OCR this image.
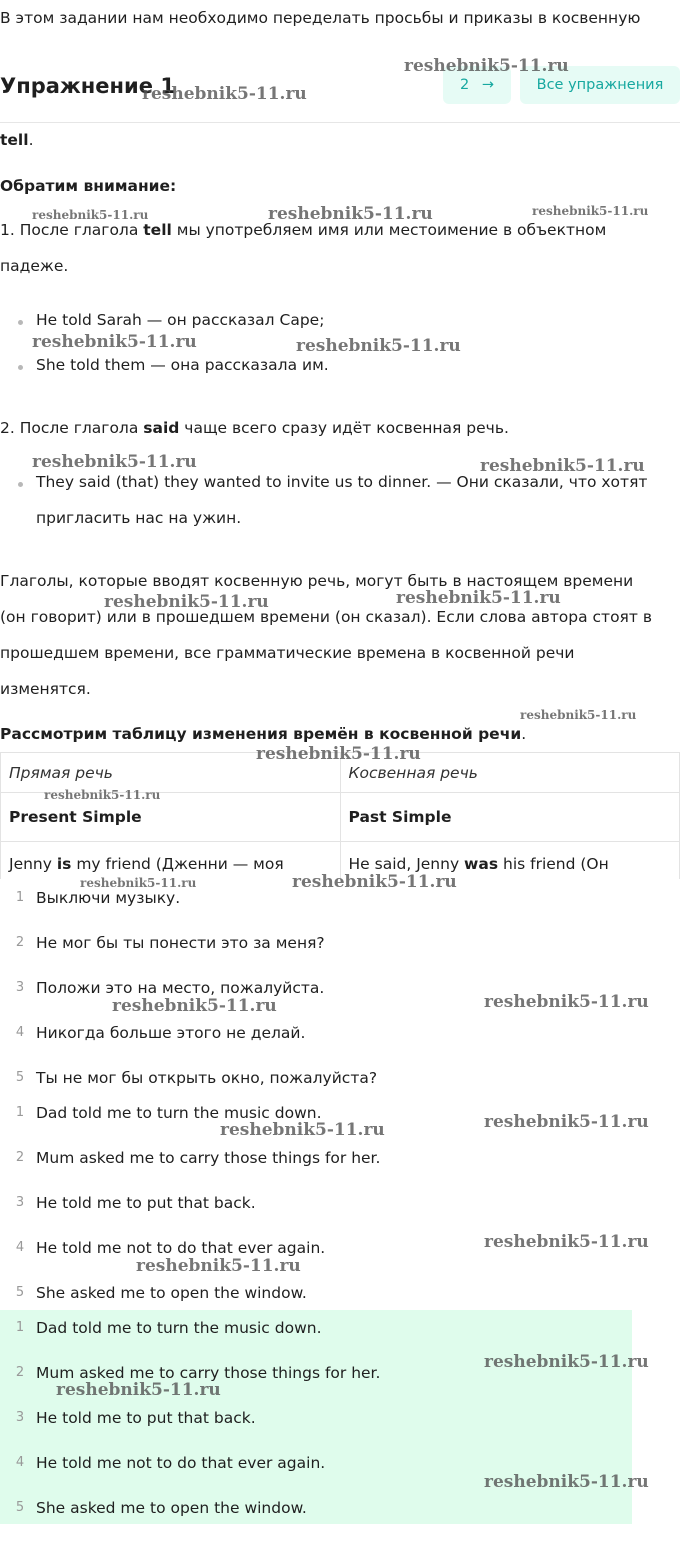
В этом задании нам необходимо переделать просьбы и приказы в косвенную
Упражнение 1	2 →	Все упражнения
tell.
Обратим внимание:
1. После глагола tell мы употребляем имя или местоимение в объектном
падеже.
He told Sarah — он рассказал Саре;
She told them — она рассказала им.
2. После глагола said чаще всего сразу идёт косвенная речь.
They said (that) they wanted to invite us to dinner. — Они сказали, что хотят
пригласить нас на ужин.
Глаголы, которые вводят косвенную речь, могут быть в настоящем времени
(он говорит) или в прошедшем времени (он сказал). Если слова автора стоят в
прошедшем времени, все грамматические времена в косвенной речи
изменятся.
Рассмотрим таблицу изменения времён в косвенной речи.
Прямая речь	Косвенная речь
Present Simple	Past Simple
Jenny is my friend (Дженни — моя	He said, Jenny was his friend (Он
1 Выключи музыку.
2 Не мог бы ты понести это за меня?
3 Положи это на место, пожалуйста.
4 Никогда больше этого не делай.
5 Ты не мог бы открыть окно, пожалуйста?
1 Dad told me to turn the music down.
2 Mum asked me to carry those things for her.
3 He told me to put that back.
4 He told me not to do that ever again.
5 She asked me to open the window.
1 Dad told me to turn the music down.
2 Mum asked me to carry those things for her.
3 He told me to put that back.
4 He told me not to do that ever again.
5 She asked me to open the window.
reshebnik5-11.ru
reshebnik5-11.ru
reshebnik5-11.ru	reshebnik5-11.ru	reshebnik5-11.ru
reshebnik5-11.ru	reshebnik5-11.ru
reshebnik5-11.ru	reshebnik5-11.ru
reshebnik5-11.ru	reshebnik5-11.ru
reshebnik5-11.ru
reshebnik5-11.ru
reshebnik5-11.ru
reshebnik5-11.ru	reshebnik5-11.ru
reshebnik5-11.ru	reshebnik5-11.ru
reshebnik5-11.ru	reshebnik5-11.ru
reshebnik5-11.ru
reshebnik5-11.ru
reshebnik5-11.ru
reshebnik5-11.ru
reshebnik5-11.ru
